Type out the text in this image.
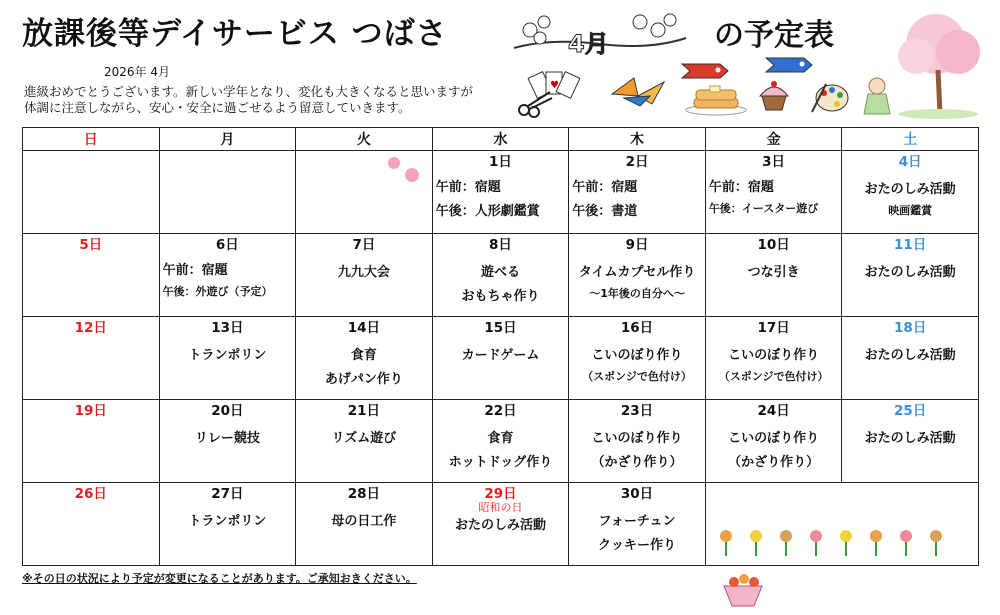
放課後等デイサービス つばさ	4月	の予定表
2026年 4月
進級おめでとうございます。新しい学年となり、変化も大きくなると思いますが
体調に注意しながら、安心・安全に過ごせるよう留意していきます。
♥
日	月	火	水	木	金	土

			1日
午前：宿題
午後：人形劇鑑賞	2日
午前：宿題
午後：書道	3日
午前：宿題
午後：イースター遊び	4日
おたのしみ活動
映画鑑賞

5日	6日
午前：宿題
午後：外遊び（予定）	7日
九九大会	8日
遊べる
おもちゃ作り	9日
タイムカプセル作り
～1年後の自分へ～	10日
つな引き	11日
おたのしみ活動

12日	13日
トランポリン	14日
食育
あげパン作り	15日
カードゲーム	16日
こいのぼり作り
（スポンジで色付け）	17日
こいのぼり作り
（スポンジで色付け）	18日
おたのしみ活動

19日	20日
リレー競技	21日
リズム遊び	22日
食育
ホットドッグ作り	23日
こいのぼり作り
（かざり作り）	24日
こいのぼり作り
（かざり作り）	25日
おたのしみ活動

26日	27日
トランポリン	28日
母の日工作	29日
昭和の日
おたのしみ活動	30日
フォーチュン
クッキー作り		

※その日の状況により予定が変更になることがあります。ご承知おきください。
